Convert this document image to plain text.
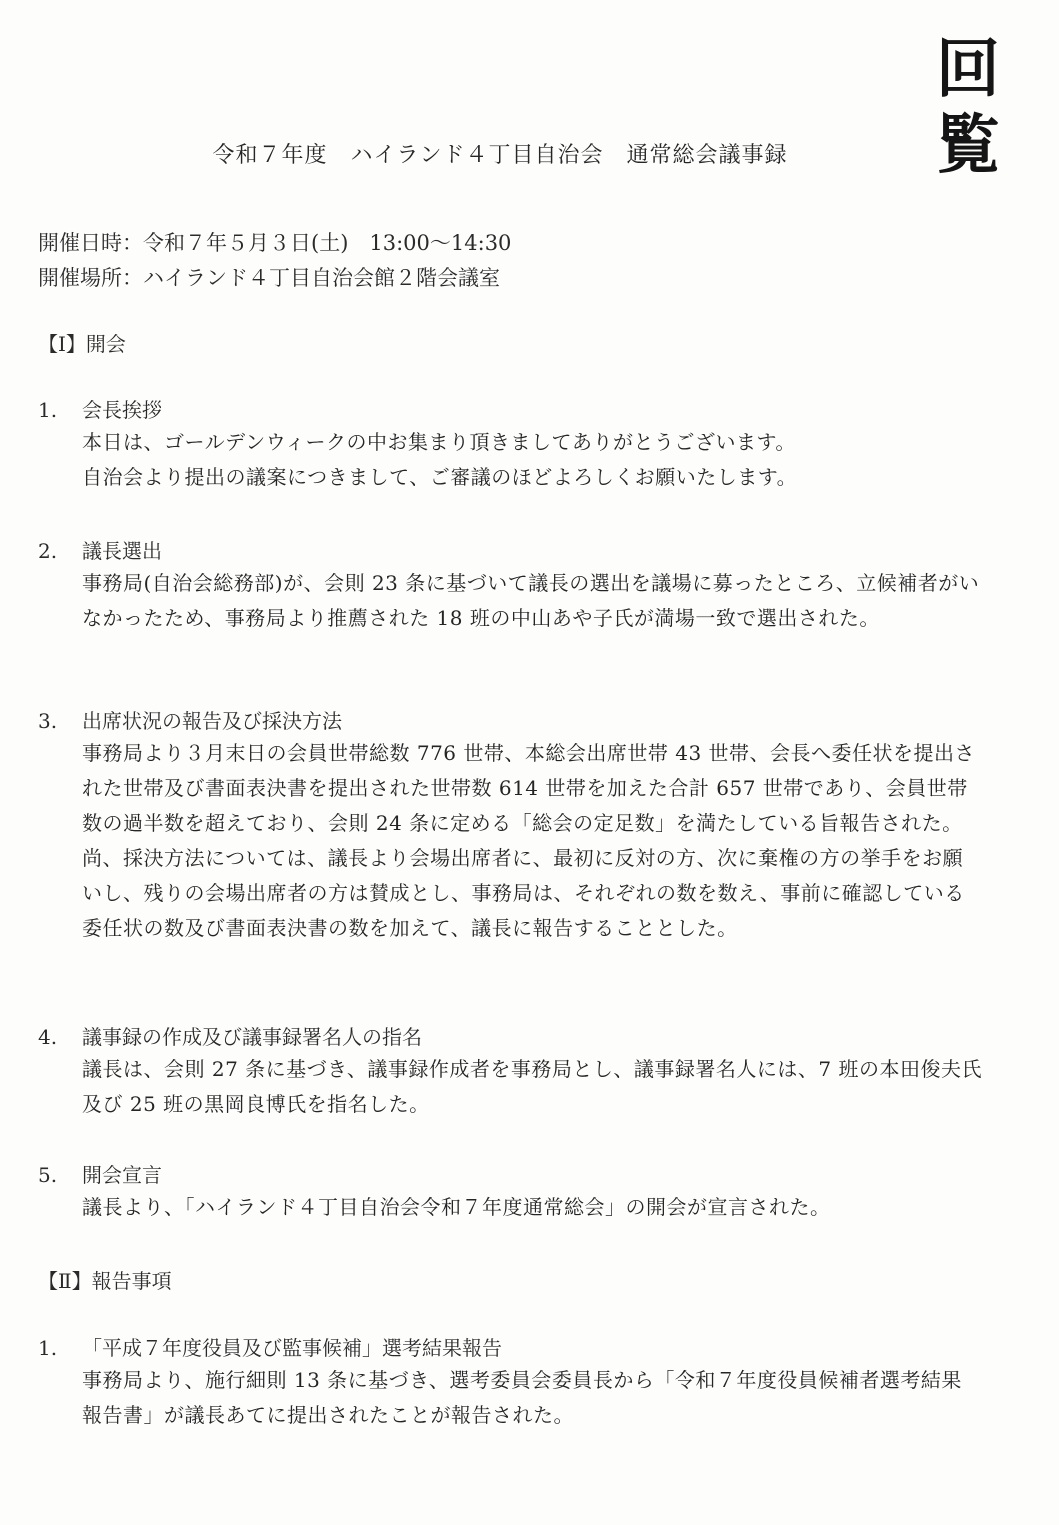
回
覧
令和７年度　ハイランド４丁目自治会　通常総会議事録
開催日時：令和７年５月３日(土)　13:00〜14:30
開催場所：ハイランド４丁目自治会館２階会議室
【Ⅰ】開会
1.	会長挨拶

本日は、ゴールデンウィークの中お集まり頂きましてありがとうございます。

自治会より提出の議案につきまして、ご審議のほどよろしくお願いたします。

2.	議長選出

事務局(自治会総務部)が、会則 23 条に基づいて議長の選出を議場に募ったところ、立候補者がいなかったため、事務局より推薦された 18 班の中山あや子氏が満場一致で選出された。

3.	出席状況の報告及び採決方法

事務局より３月末日の会員世帯総数 776 世帯、本総会出席世帯 43 世帯、会長へ委任状を提出された世帯及び書面表決書を提出された世帯数 614 世帯を加えた合計 657 世帯であり、会員世帯数の過半数を超えており、会則 24 条に定める「総会の定足数」を満たしている旨報告された。

尚、採決方法については、議長より会場出席者に、最初に反対の方、次に棄権の方の挙手をお願いし、残りの会場出席者の方は賛成とし、事務局は、それぞれの数を数え、事前に確認している委任状の数及び書面表決書の数を加えて、議長に報告することとした。

4.	議事録の作成及び議事録署名人の指名

議長は、会則 27 条に基づき、議事録作成者を事務局とし、議事録署名人には、7 班の本田俊夫氏及び 25 班の黒岡良博氏を指名した。

5.	開会宣言

議長より、「ハイランド４丁目自治会令和７年度通常総会」の開会が宣言された。

【Ⅱ】報告事項
1.	「平成７年度役員及び監事候補」選考結果報告

事務局より、施行細則 13 条に基づき、選考委員会委員長から「令和７年度役員候補者選考結果報告書」が議長あてに提出されたことが報告された。
